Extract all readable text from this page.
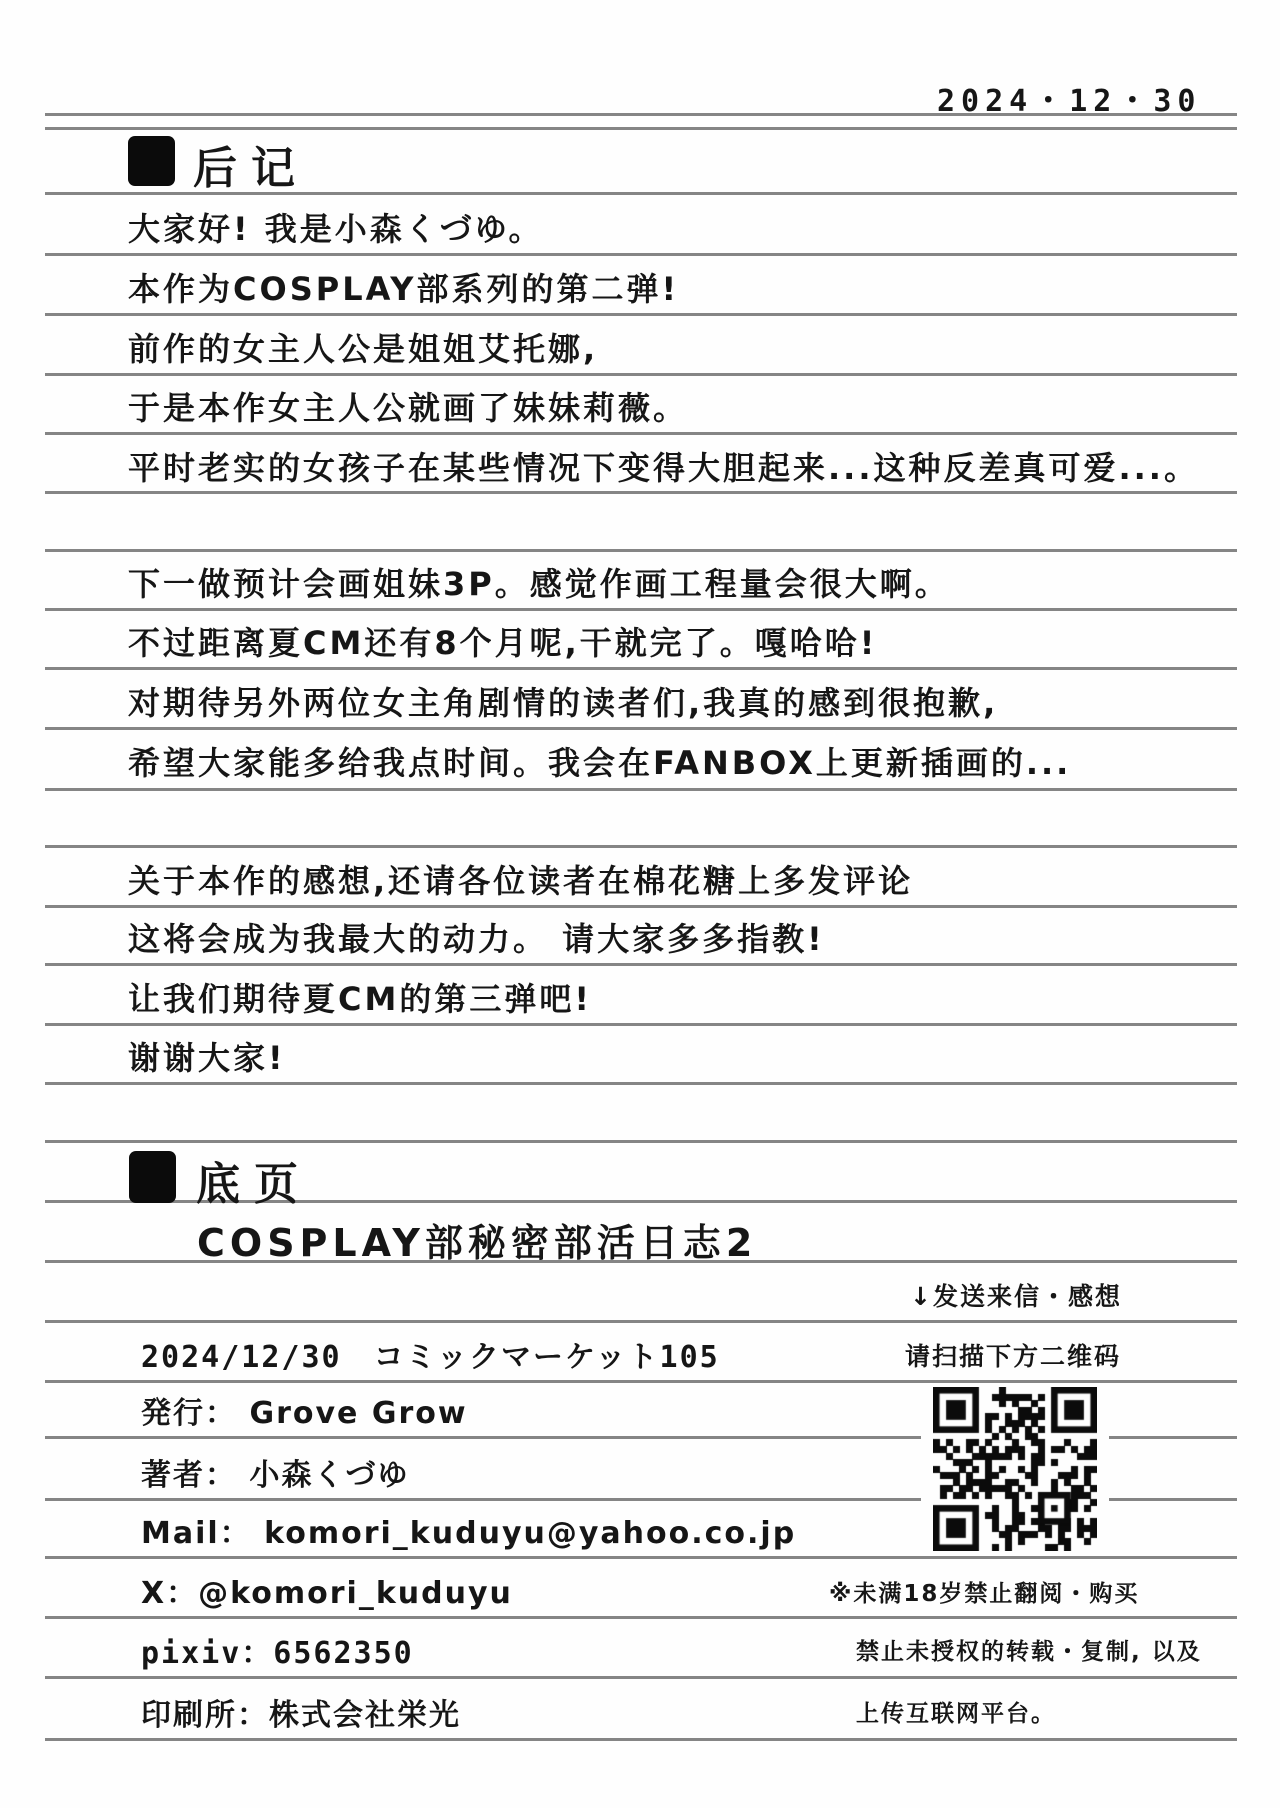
2024・12・30
后记
大家好! 我是小森くづゆ。
本作为COSPLAY部系列的第二弹!
前作的女主人公是姐姐艾托娜,
于是本作女主人公就画了妹妹莉薇。
平时老实的女孩子在某些情况下变得大胆起来...这种反差真可爱...。
下一做预计会画姐妹3P。感觉作画工程量会很大啊。
不过距离夏CM还有8个月呢,干就完了。嘎哈哈!
对期待另外两位女主角剧情的读者们,我真的感到很抱歉,
希望大家能多给我点时间。我会在FANBOX上更新插画的...
关于本作的感想,还请各位读者在棉花糖上多发评论
这将会成为我最大的动力。 请大家多多指教!
让我们期待夏CM的第三弹吧!
谢谢大家!
底页
COSPLAY部秘密部活日志2
2024/12/30　コミックマーケット105
発行： Grove Grow
著者： 小森くづゆ
Mail： komori_kuduyu@yahoo.co.jp
X：@komori_kuduyu
pixiv：6562350
印刷所：株式会社栄光
↓发送来信・感想
请扫描下方二维码
※未满18岁禁止翻阅・购买
禁止未授权的转载・复制, 以及
上传互联网平台。
